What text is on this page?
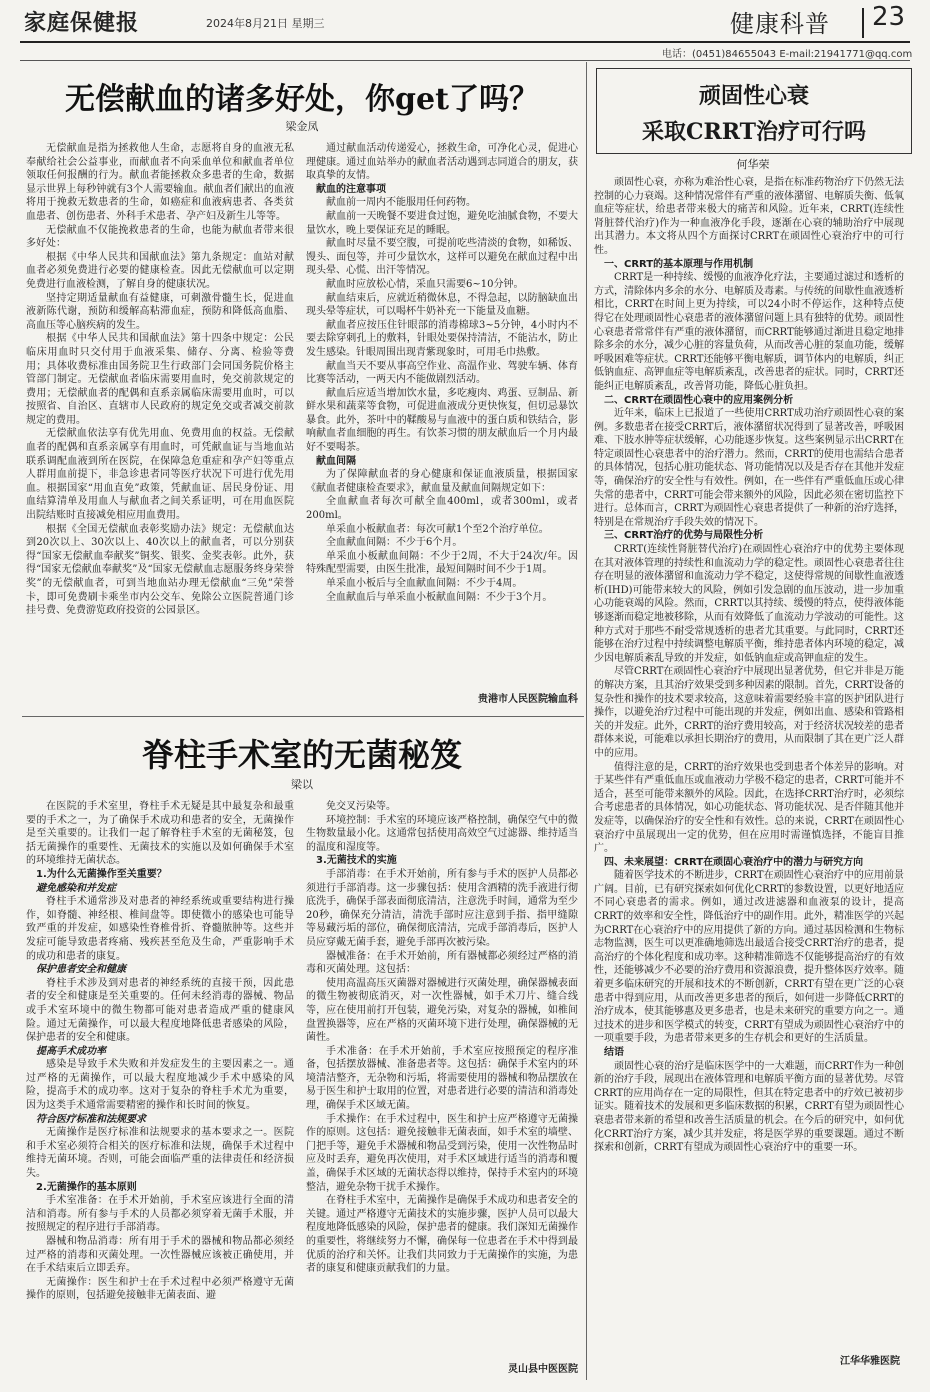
家庭保健报	2024年8月21日 星期三	健康科普 23
电话：(0451)84655043 E-mail:21941771@qq.com
无偿献血的诸多好处，你get了吗？
梁金凤

无偿献血是指为拯救他人生命，志愿将自身的血液无私奉献给社会公益事业，而献血者不向采血单位和献血者单位领取任何报酬的行为。献血者能拯救众多患者的生命，数据显示世界上每秒钟就有3个人需要输血。献血者们献出的血液将用于挽救无数患者的生命，如癌症和血液病患者、各类贫血患者、创伤患者、外科手术患者、孕产妇及新生儿等等。

无偿献血不仅能挽救患者的生命，也能为献血者带来很多好处：

根据《中华人民共和国献血法》第九条规定：血站对献血者必须免费进行必要的健康检查。因此无偿献血可以定期免费进行血液检测，了解自身的健康状况。

坚持定期适量献血有益健康，可刺激骨髓生长，促进血液新陈代谢，预防和缓解高粘滞血症，预防和降低高血脂、高血压等心脑疾病的发生。

根据《中华人民共和国献血法》第十四条中规定：公民临床用血时只交付用于血液采集、储存、分离、检验等费用；具体收费标准由国务院卫生行政部门会同国务院价格主管部门制定。无偿献血者临床需要用血时，免交前款规定的费用；无偿献血者的配偶和直系亲属临床需要用血时，可以按照省、自治区、直辖市人民政府的规定免交或者减交前款规定的费用。

无偿献血依法享有优先用血、免费用血的权益。无偿献血者的配偶和直系亲属享有用血时，可凭献血证与当地血站联系调配血液到所在医院，在保障急危重症和孕产妇等重点人群用血前提下，非急诊患者同等医疗状况下可进行优先用血。根据国家“用血直免”政策，凭献血证、居民身份证、用血结算清单及用血人与献血者之间关系证明，可在用血医院出院结账时直接减免相应用血费用。

根据《全国无偿献血表彰奖励办法》规定：无偿献血达到20次以上、30次以上、40次以上的献血者，可以分别获得“国家无偿献血奉献奖”铜奖、银奖、金奖表彰。此外，获得“国家无偿献血奉献奖”及“国家无偿献血志愿服务终身荣誉奖”的无偿献血者，可到当地血站办理无偿献血“三免”荣誉卡，即可免费刷卡乘坐市内公交车、免除公立医院普通门诊挂号费、免费游览政府投资的公园景区。

通过献血活动传递爱心，拯救生命，可净化心灵，促进心理健康。通过血站举办的献血者活动遇到志同道合的朋友，获取真挚的友情。

献血的注意事项

献血前一周内不能服用任何药物。

献血前一天晚餐不要进食过饱，避免吃油腻食物，不要大量饮水，晚上要保证充足的睡眠。

献血时尽量不要空腹，可提前吃些清淡的食物，如稀饭、馒头、面包等，并可少量饮水，这样可以避免在献血过程中出现头晕、心慌、出汗等情况。

献血时应放松心情，采血只需要6~10分钟。

献血结束后，应就近稍微休息，不得急起，以防脑缺血出现头晕等症状，可以喝杯牛奶补充一下能量及血糖。

献血者应按压住针眼部的消毒棉球3~5分钟，4小时内不要去除穿刺孔上的敷料，针眼处要保持清洁，不能沾水，防止发生感染。针眼周围出现青紫现象时，可用毛巾热敷。

献血当天不要从事高空作业、高温作业、驾驶车辆、体育比赛等活动，一两天内不能做剧烈活动。

献血后应适当增加饮水量，多吃瘦肉、鸡蛋、豆制品、新鲜水果和蔬菜等食物，可促进血液成分更快恢复，但切忌暴饮暴食。此外，茶叶中的鞣酸易与血液中的蛋白质和铁结合，影响献血者血细胞的再生。有饮茶习惯的朋友献血后一个月内最好不要喝茶。

献血间隔

为了保障献血者的身心健康和保证血液质量，根据国家《献血者健康检查要求》，献血量及献血间隔规定如下：

全血献血者每次可献全血400ml，或者300ml，或者200ml。

单采血小板献血者：每次可献1个至2个治疗单位。

全血献血间隔：不少于6个月。

单采血小板献血间隔：不少于2周，不大于24次/年。因特殊配型需要，由医生批准，最短间隔时间不少于1周。

单采血小板后与全血献血间隔：不少于4周。

全血献血后与单采血小板献血间隔：不少于3个月。

贵港市人民医院输血科
脊柱手术室的无菌秘笈
梁以

在医院的手术室里，脊柱手术无疑是其中最复杂和最重要的手术之一，为了确保手术成功和患者的安全，无菌操作是至关重要的。让我们一起了解脊柱手术室的无菌秘笈，包括无菌操作的重要性、无菌技术的实施以及如何确保手术室的环境维持无菌状态。

1.为什么无菌操作至关重要？

避免感染和并发症

脊柱手术通常涉及对患者的神经系统或重要结构进行操作，如脊髓、神经根、椎间盘等。即使微小的感染也可能导致严重的并发症，如感染性脊椎骨折、脊髓脓肿等。这些并发症可能导致患者疼痛、残疾甚至危及生命，严重影响手术的成功和患者的康复。

保护患者安全和健康

脊柱手术涉及到对患者的神经系统的直接干预，因此患者的安全和健康是至关重要的。任何未经消毒的器械、物品或手术室环境中的微生物都可能对患者造成严重的健康风险。通过无菌操作，可以最大程度地降低患者感染的风险，保护患者的安全和健康。

提高手术成功率

感染是导致手术失败和并发症发生的主要因素之一。通过严格的无菌操作，可以最大程度地减少手术中感染的风险，提高手术的成功率。这对于复杂的脊柱手术尤为重要，因为这类手术通常需要精密的操作和长时间的恢复。

符合医疗标准和法规要求

无菌操作是医疗标准和法规要求的基本要求之一。医院和手术室必须符合相关的医疗标准和法规，确保手术过程中维持无菌环境。否则，可能会面临严重的法律责任和经济损失。

2.无菌操作的基本原则

手术室准备：在手术开始前，手术室应该进行全面的清洁和消毒。所有参与手术的人员都必须穿着无菌手术服，并按照规定的程序进行手部消毒。

器械和物品消毒：所有用于手术的器械和物品都必须经过严格的消毒和灭菌处理。一次性器械应该被正确使用，并在手术结束后立即丢弃。

无菌操作：医生和护士在手术过程中必须严格遵守无菌操作的原则，包括避免接触非无菌表面、避

免交叉污染等。

环境控制：手术室的环境应该严格控制，确保空气中的微生物数量最小化。这通常包括使用高效空气过滤器、维持适当的温度和湿度等。

3.无菌技术的实施

手部消毒：在手术开始前，所有参与手术的医护人员都必须进行手部消毒。这一步骤包括：使用含酒精的洗手液进行彻底洗手，确保手部表面彻底清洁，注意洗手时间，通常为至少20秒，确保充分清洁，清洗手部时应注意到手指、指甲缝隙等易藏污垢的部位，确保彻底清洁，完成手部消毒后，医护人员应穿戴无菌手套，避免手部再次被污染。

器械准备：在手术开始前，所有器械都必须经过严格的消毒和灭菌处理。这包括：

使用高温高压灭菌器对器械进行灭菌处理，确保器械表面的微生物被彻底消灭，对一次性器械，如手术刀片、缝合线等，应在使用前打开包装，避免污染，对复杂的器械，如椎间盘置换器等，应在严格的灭菌环境下进行处理，确保器械的无菌性。

手术准备：在手术开始前，手术室应按照预定的程序准备，包括摆放器械、准备患者等。这包括：确保手术室内的环境清洁整齐，无杂物和污垢，将需要使用的器械和物品摆放在易于医生和护士取用的位置，对患者进行必要的清洁和消毒处理，确保手术区域无菌。

手术操作：在手术过程中，医生和护士应严格遵守无菌操作的原则。这包括：避免接触非无菌表面，如手术室的墙壁、门把手等，避免手术器械和物品受到污染，使用一次性物品时应及时丢弃，避免再次使用，对手术区域进行适当的消毒和覆盖，确保手术区域的无菌状态得以维持，保持手术室内的环境整洁，避免杂物干扰手术操作。

在脊柱手术室中，无菌操作是确保手术成功和患者安全的关键。通过严格遵守无菌技术的实施步骤，医护人员可以最大程度地降低感染的风险，保护患者的健康。我们深知无菌操作的重要性，将继续努力不懈，确保每一位患者在手术中得到最优质的治疗和关怀。让我们共同致力于无菌操作的实施，为患者的康复和健康贡献我们的力量。

灵山县中医医院
顽固性心衰
采取CRRT治疗可行吗
何华荣

顽固性心衰，亦称为难治性心衰，是指在标准药物治疗下仍然无法控制的心力衰竭。这种情况常伴有严重的液体潴留、电解质失衡、低氧血症等症状，给患者带来极大的痛苦和风险。近年来，CRRT(连续性肾脏替代治疗)作为一种血液净化手段，逐渐在心衰的辅助治疗中展现出其潜力。本文将从四个方面探讨CRRT在顽固性心衰治疗中的可行性。

一、CRRT的基本原理与作用机制

CRRT是一种持续、缓慢的血液净化疗法，主要通过滤过和透析的方式，清除体内多余的水分、电解质及毒素。与传统的间歇性血液透析相比，CRRT在时间上更为持续，可以24小时不停运作，这种特点使得它在处理顽固性心衰患者的液体潴留问题上具有独特的优势。顽固性心衰患者常常伴有严重的液体潴留，而CRRT能够通过渐进且稳定地排除多余的水分，减少心脏的容量负荷，从而改善心脏的泵血功能，缓解呼吸困难等症状。CRRT还能够平衡电解质，调节体内的电解质，纠正低钠血症、高钾血症等电解质紊乱，改善患者的症状。同时，CRRT还能纠正电解质紊乱，改善肾功能，降低心脏负担。

二、CRRT在顽固性心衰中的应用案例分析

近年来，临床上已报道了一些使用CRRT成功治疗顽固性心衰的案例。多数患者在接受CRRT后，液体潴留状况得到了显著改善，呼吸困难、下肢水肿等症状缓解，心功能逐步恢复。这些案例显示出CRRT在特定顽固性心衰患者中的治疗潜力。然而，CRRT的使用也需结合患者的具体情况，包括心脏功能状态、肾功能情况以及是否存在其他并发症等，确保治疗的安全性与有效性。例如，在一些伴有严重低血压或心律失常的患者中，CRRT可能会带来额外的风险，因此必须在密切监控下进行。总体而言，CRRT为顽固性心衰患者提供了一种新的治疗选择，特别是在常规治疗手段失效的情况下。

三、CRRT治疗的优势与局限性分析

CRRT(连续性肾脏替代治疗)在顽固性心衰治疗中的优势主要体现在其对液体管理的持续性和血流动力学的稳定性。顽固性心衰患者往往存在明显的液体潴留和血流动力学不稳定，这使得常规的间歇性血液透析(IHD)可能带来较大的风险，例如引发急剧的血压波动，进一步加重心功能衰竭的风险。然而，CRRT以其持续、缓慢的特点，使得液体能够逐渐而稳定地被移除，从而有效降低了血流动力学波动的可能性。这种方式对于那些不耐受常规透析的患者尤其重要。与此同时，CRRT还能够在治疗过程中持续调整电解质平衡，维持患者体内环境的稳定，减少因电解质紊乱导致的并发症，如低钠血症或高钾血症的发生。

尽管CRRT在顽固性心衰治疗中展现出显著优势，但它并非是万能的解决方案，且其治疗效果受到多种因素的限制。首先，CRRT设备的复杂性和操作的技术要求较高，这意味着需要经验丰富的医护团队进行操作，以避免治疗过程中可能出现的并发症，例如出血、感染和管路相关的并发症。此外，CRRT的治疗费用较高，对于经济状况较差的患者群体来说，可能难以承担长期治疗的费用，从而限制了其在更广泛人群中的应用。

值得注意的是，CRRT的治疗效果也受到患者个体差异的影响。对于某些伴有严重低血压或血液动力学极不稳定的患者，CRRT可能并不适合，甚至可能带来额外的风险。因此，在选择CRRT治疗时，必须综合考虑患者的具体情况，如心功能状态、肾功能状况、是否伴随其他并发症等，以确保治疗的安全性和有效性。总的来说，CRRT在顽固性心衰治疗中虽展现出一定的优势，但在应用时需谨慎选择，不能盲目推广。

四、未来展望：CRRT在顽固心衰治疗中的潜力与研究方向

随着医学技术的不断进步，CRRT在顽固性心衰治疗中的应用前景广阔。目前，已有研究探索如何优化CRRT的参数设置，以更好地适应不同心衰患者的需求。例如，通过改进滤器和血液泵的设计，提高CRRT的效率和安全性，降低治疗中的副作用。此外，精准医学的兴起为CRRT在心衰治疗中的应用提供了新的方向。通过基因检测和生物标志物监测，医生可以更准确地筛选出最适合接受CRRT治疗的患者，提高治疗的个体化程度和成功率。这种精准筛选不仅能够提高治疗的有效性，还能够减少不必要的治疗费用和资源浪费，提升整体医疗效率。随着更多临床研究的开展和技术的不断创新，CRRT有望在更广泛的心衰患者中得到应用，从而改善更多患者的预后，如何进一步降低CRRT的治疗成本，使其能够惠及更多患者，也是未来研究的重要方向之一。通过技术的进步和医学模式的转变，CRRT有望成为顽固性心衰治疗中的一项重要手段，为患者带来更多的生存机会和更好的生活质量。

结语

顽固性心衰的治疗是临床医学中的一大难题，而CRRT作为一种创新的治疗手段，展现出在液体管理和电解质平衡方面的显著优势。尽管CRRT的应用尚存在一定的局限性，但其在特定患者中的疗效已被初步证实。随着技术的发展和更多临床数据的积累，CRRT有望为顽固性心衰患者带来新的希望和改善生活质量的机会。在今后的研究中，如何优化CRRT治疗方案，减少其并发症，将是医学界的重要课题。通过不断探索和创新，CRRT有望成为顽固性心衰治疗中的重要一环。

江华华雅医院
